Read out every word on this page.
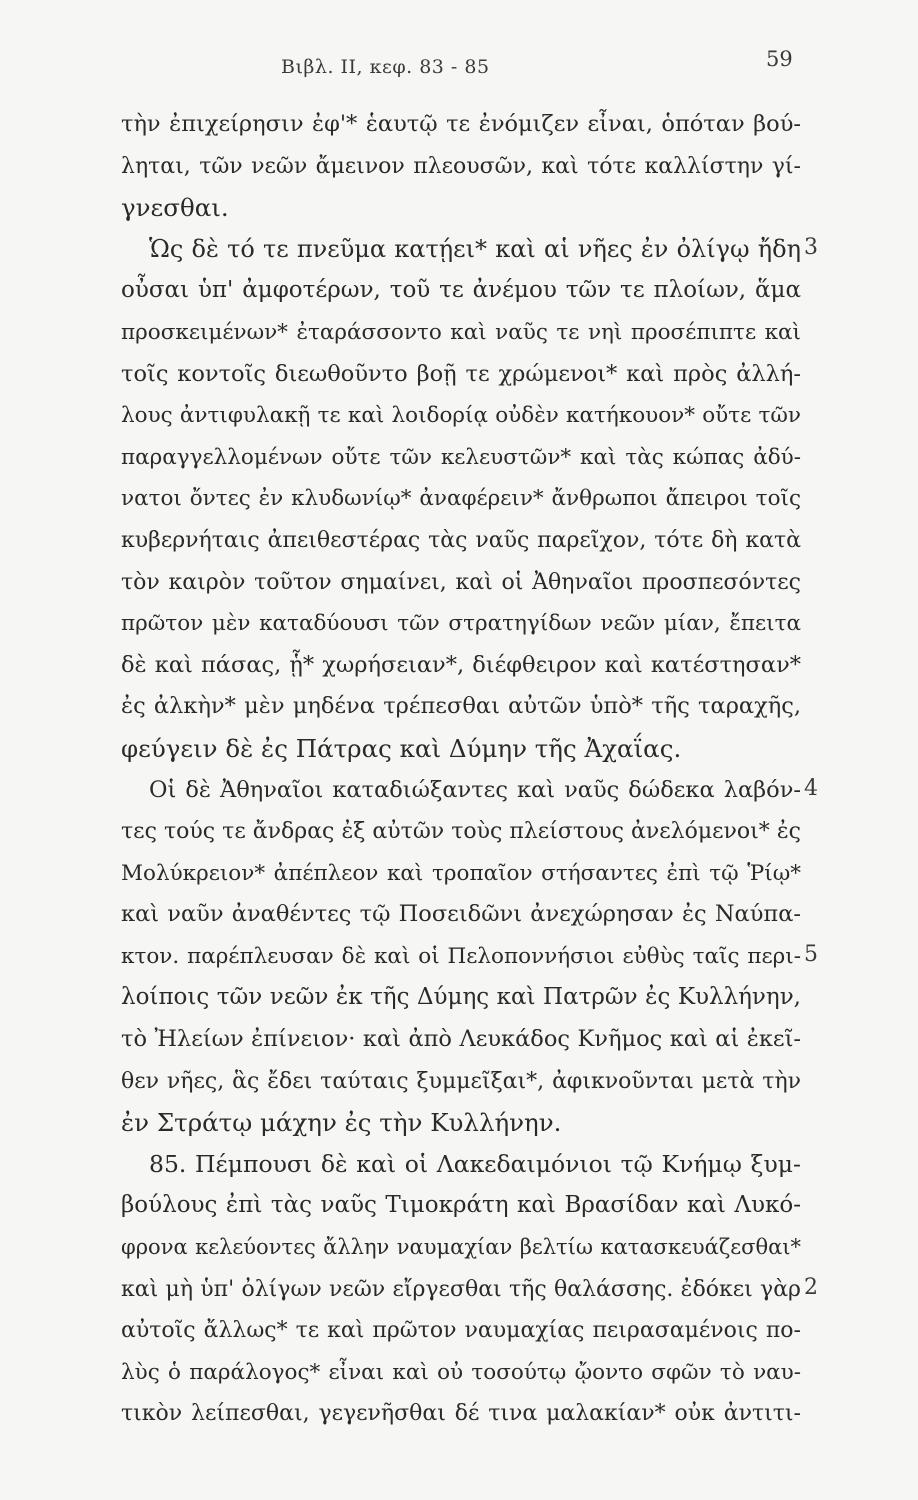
Βιβλ. II, κεφ. 83 - 85	59
τὴν ἐπιχείρησιν ἐφ'* ἑαυτῷ τε ἐνόμιζεν εἶναι, ὁπόταν βού-
ληται, τῶν νεῶν ἄμεινον πλεουσῶν, καὶ τότε καλλίστην γί-
γνεσθαι.
Ὡς δὲ τό τε πνεῦμα κατῄει* καὶ αἱ νῆες ἐν ὀλίγῳ ἤδη
οὖσαι ὑπ' ἀμφοτέρων, τοῦ τε ἀνέμου τῶν τε πλοίων, ἅμα
προσκειμένων* ἐταράσσοντο καὶ ναῦς τε νηὶ προσέπιπτε καὶ
τοῖς κοντοῖς διεωθοῦντο βοῇ τε χρώμενοι* καὶ πρὸς ἀλλή-
λους ἀντιφυλακῇ τε καὶ λοιδορίᾳ οὐδὲν κατήκουον* οὔτε τῶν
παραγγελλομένων οὔτε τῶν κελευστῶν* καὶ τὰς κώπας ἀδύ-
νατοι ὄντες ἐν κλυδωνίῳ* ἀναφέρειν* ἄνθρωποι ἄπειροι τοῖς
κυβερνήταις ἀπειθεστέρας τὰς ναῦς παρεῖχον, τότε δὴ κατὰ
τὸν καιρὸν τοῦτον σημαίνει, καὶ οἱ Ἀθηναῖοι προσπεσόντες
πρῶτον μὲν καταδύουσι τῶν στρατηγίδων νεῶν μίαν, ἔπειτα
δὲ καὶ πάσας, ᾗ* χωρήσειαν*, διέφθειρον καὶ κατέστησαν*
ἐς ἀλκὴν* μὲν μηδένα τρέπεσθαι αὐτῶν ὑπὸ* τῆς ταραχῆς,
φεύγειν δὲ ἐς Πάτρας καὶ Δύμην τῆς Ἀχαΐας.
Οἱ δὲ Ἀθηναῖοι καταδιώξαντες καὶ ναῦς δώδεκα λαβόν-
τες τούς τε ἄνδρας ἐξ αὐτῶν τοὺς πλείστους ἀνελόμενοι* ἐς
Μολύκρειον* ἀπέπλεον καὶ τροπαῖον στήσαντες ἐπὶ τῷ Ῥίῳ*
καὶ ναῦν ἀναθέντες τῷ Ποσειδῶνι ἀνεχώρησαν ἐς Ναύπα-
κτον. παρέπλευσαν δὲ καὶ οἱ Πελοποννήσιοι εὐθὺς ταῖς περι-
λοίποις τῶν νεῶν ἐκ τῆς Δύμης καὶ Πατρῶν ἐς Κυλλήνην,
τὸ Ἠλείων ἐπίνειον· καὶ ἀπὸ Λευκάδος Κνῆμος καὶ αἱ ἐκεῖ-
θεν νῆες, ἃς ἔδει ταύταις ξυμμεῖξαι*, ἀφικνοῦνται μετὰ τὴν
ἐν Στράτῳ μάχην ἐς τὴν Κυλλήνην.
85. Πέμπουσι δὲ καὶ οἱ Λακεδαιμόνιοι τῷ Κνήμῳ ξυμ-
βούλους ἐπὶ τὰς ναῦς Τιμοκράτη καὶ Βρασίδαν καὶ Λυκό-
φρονα κελεύοντες ἄλλην ναυμαχίαν βελτίω κατασκευάζεσθαι*
καὶ μὴ ὑπ' ὀλίγων νεῶν εἴργεσθαι τῆς θαλάσσης. ἐδόκει γὰρ
αὐτοῖς ἄλλως* τε καὶ πρῶτον ναυμαχίας πειρασαμένοις πο-
λὺς ὁ παράλογος* εἶναι καὶ οὐ τοσούτῳ ᾤοντο σφῶν τὸ ναυ-
τικὸν λείπεσθαι, γεγενῆσθαι δέ τινα μαλακίαν* οὐκ ἀντιτι-
3
4
5
2
